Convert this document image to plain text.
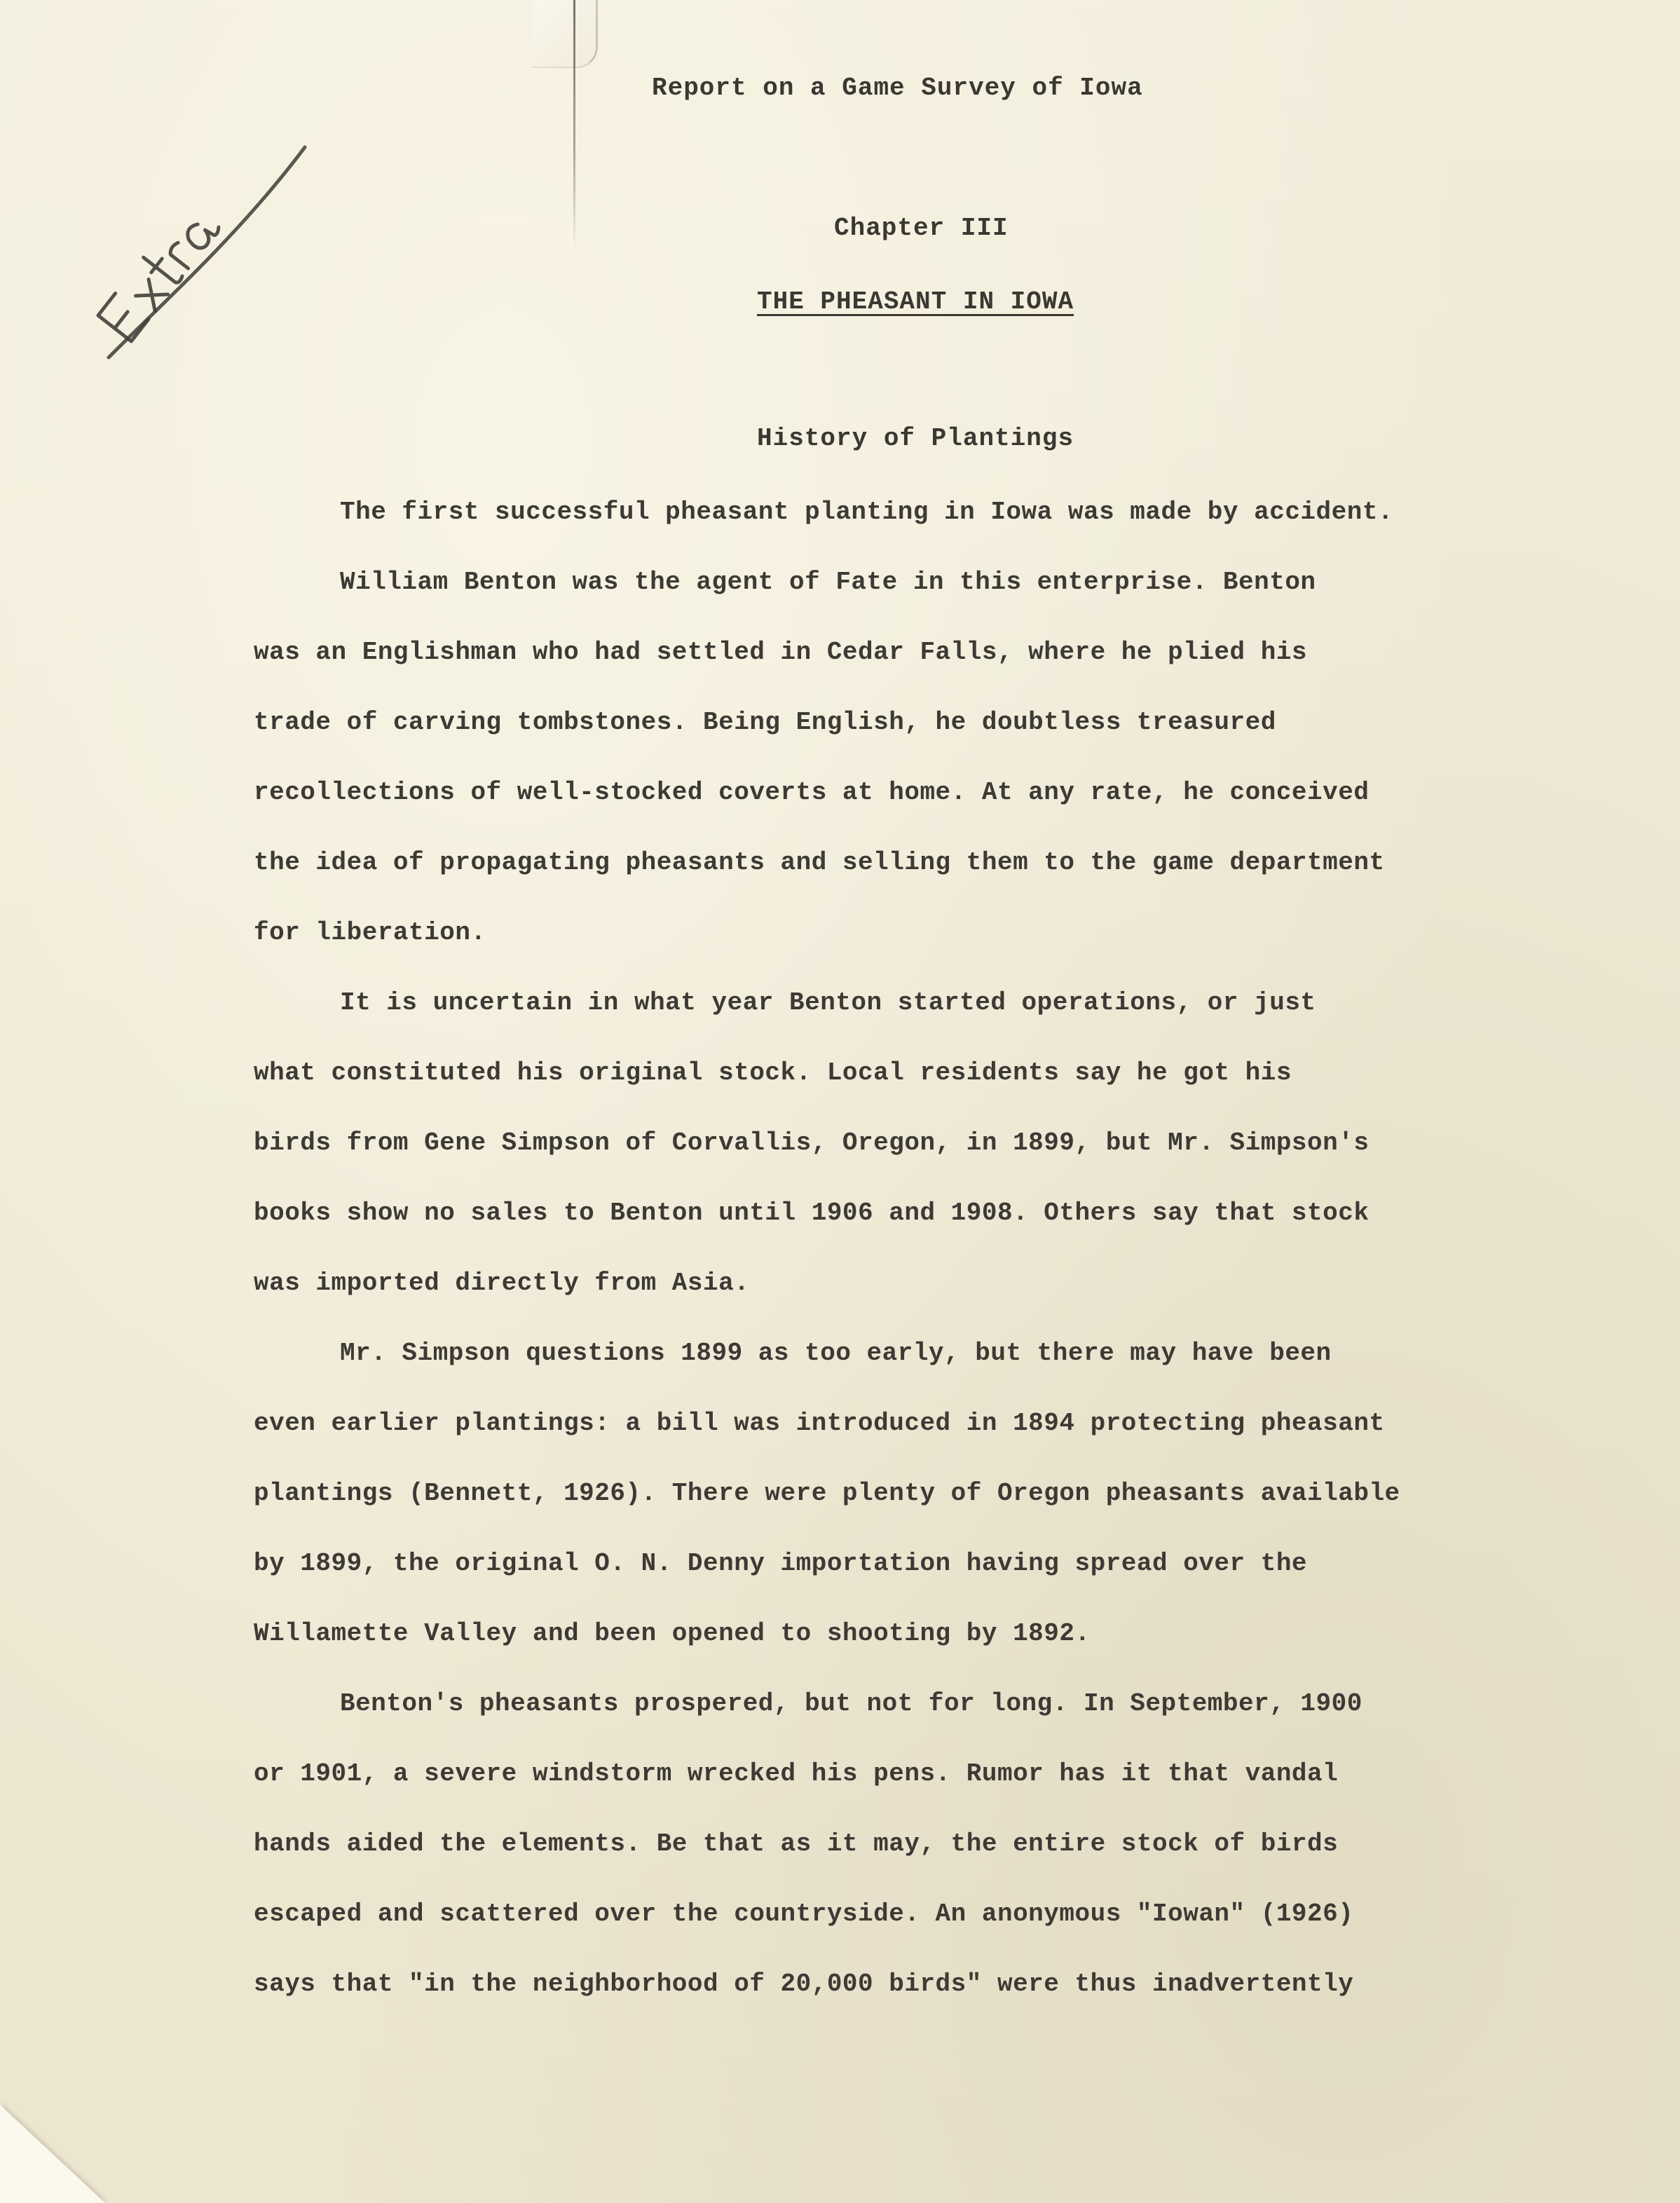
Report on a Game Survey of Iowa
Chapter III
THE PHEASANT IN IOWA
History of Plantings
The first successful pheasant planting in Iowa was made by accident.
William Benton was the agent of Fate in this enterprise. Benton
was an Englishman who had settled in Cedar Falls, where he plied his
trade of carving tombstones. Being English, he doubtless treasured
recollections of well-stocked coverts at home. At any rate, he conceived
the idea of propagating pheasants and selling them to the game department
for liberation.
It is uncertain in what year Benton started operations, or just
what constituted his original stock. Local residents say he got his
birds from Gene Simpson of Corvallis, Oregon, in 1899, but Mr. Simpson's
books show no sales to Benton until 1906 and 1908. Others say that stock
was imported directly from Asia.
Mr. Simpson questions 1899 as too early, but there may have been
even earlier plantings: a bill was introduced in 1894 protecting pheasant
plantings (Bennett, 1926). There were plenty of Oregon pheasants available
by 1899, the original O. N. Denny importation having spread over the
Willamette Valley and been opened to shooting by 1892.
Benton's pheasants prospered, but not for long. In September, 1900
or 1901, a severe windstorm wrecked his pens. Rumor has it that vandal
hands aided the elements. Be that as it may, the entire stock of birds
escaped and scattered over the countryside. An anonymous "Iowan" (1926)
says that "in the neighborhood of 20,000 birds" were thus inadvertently
